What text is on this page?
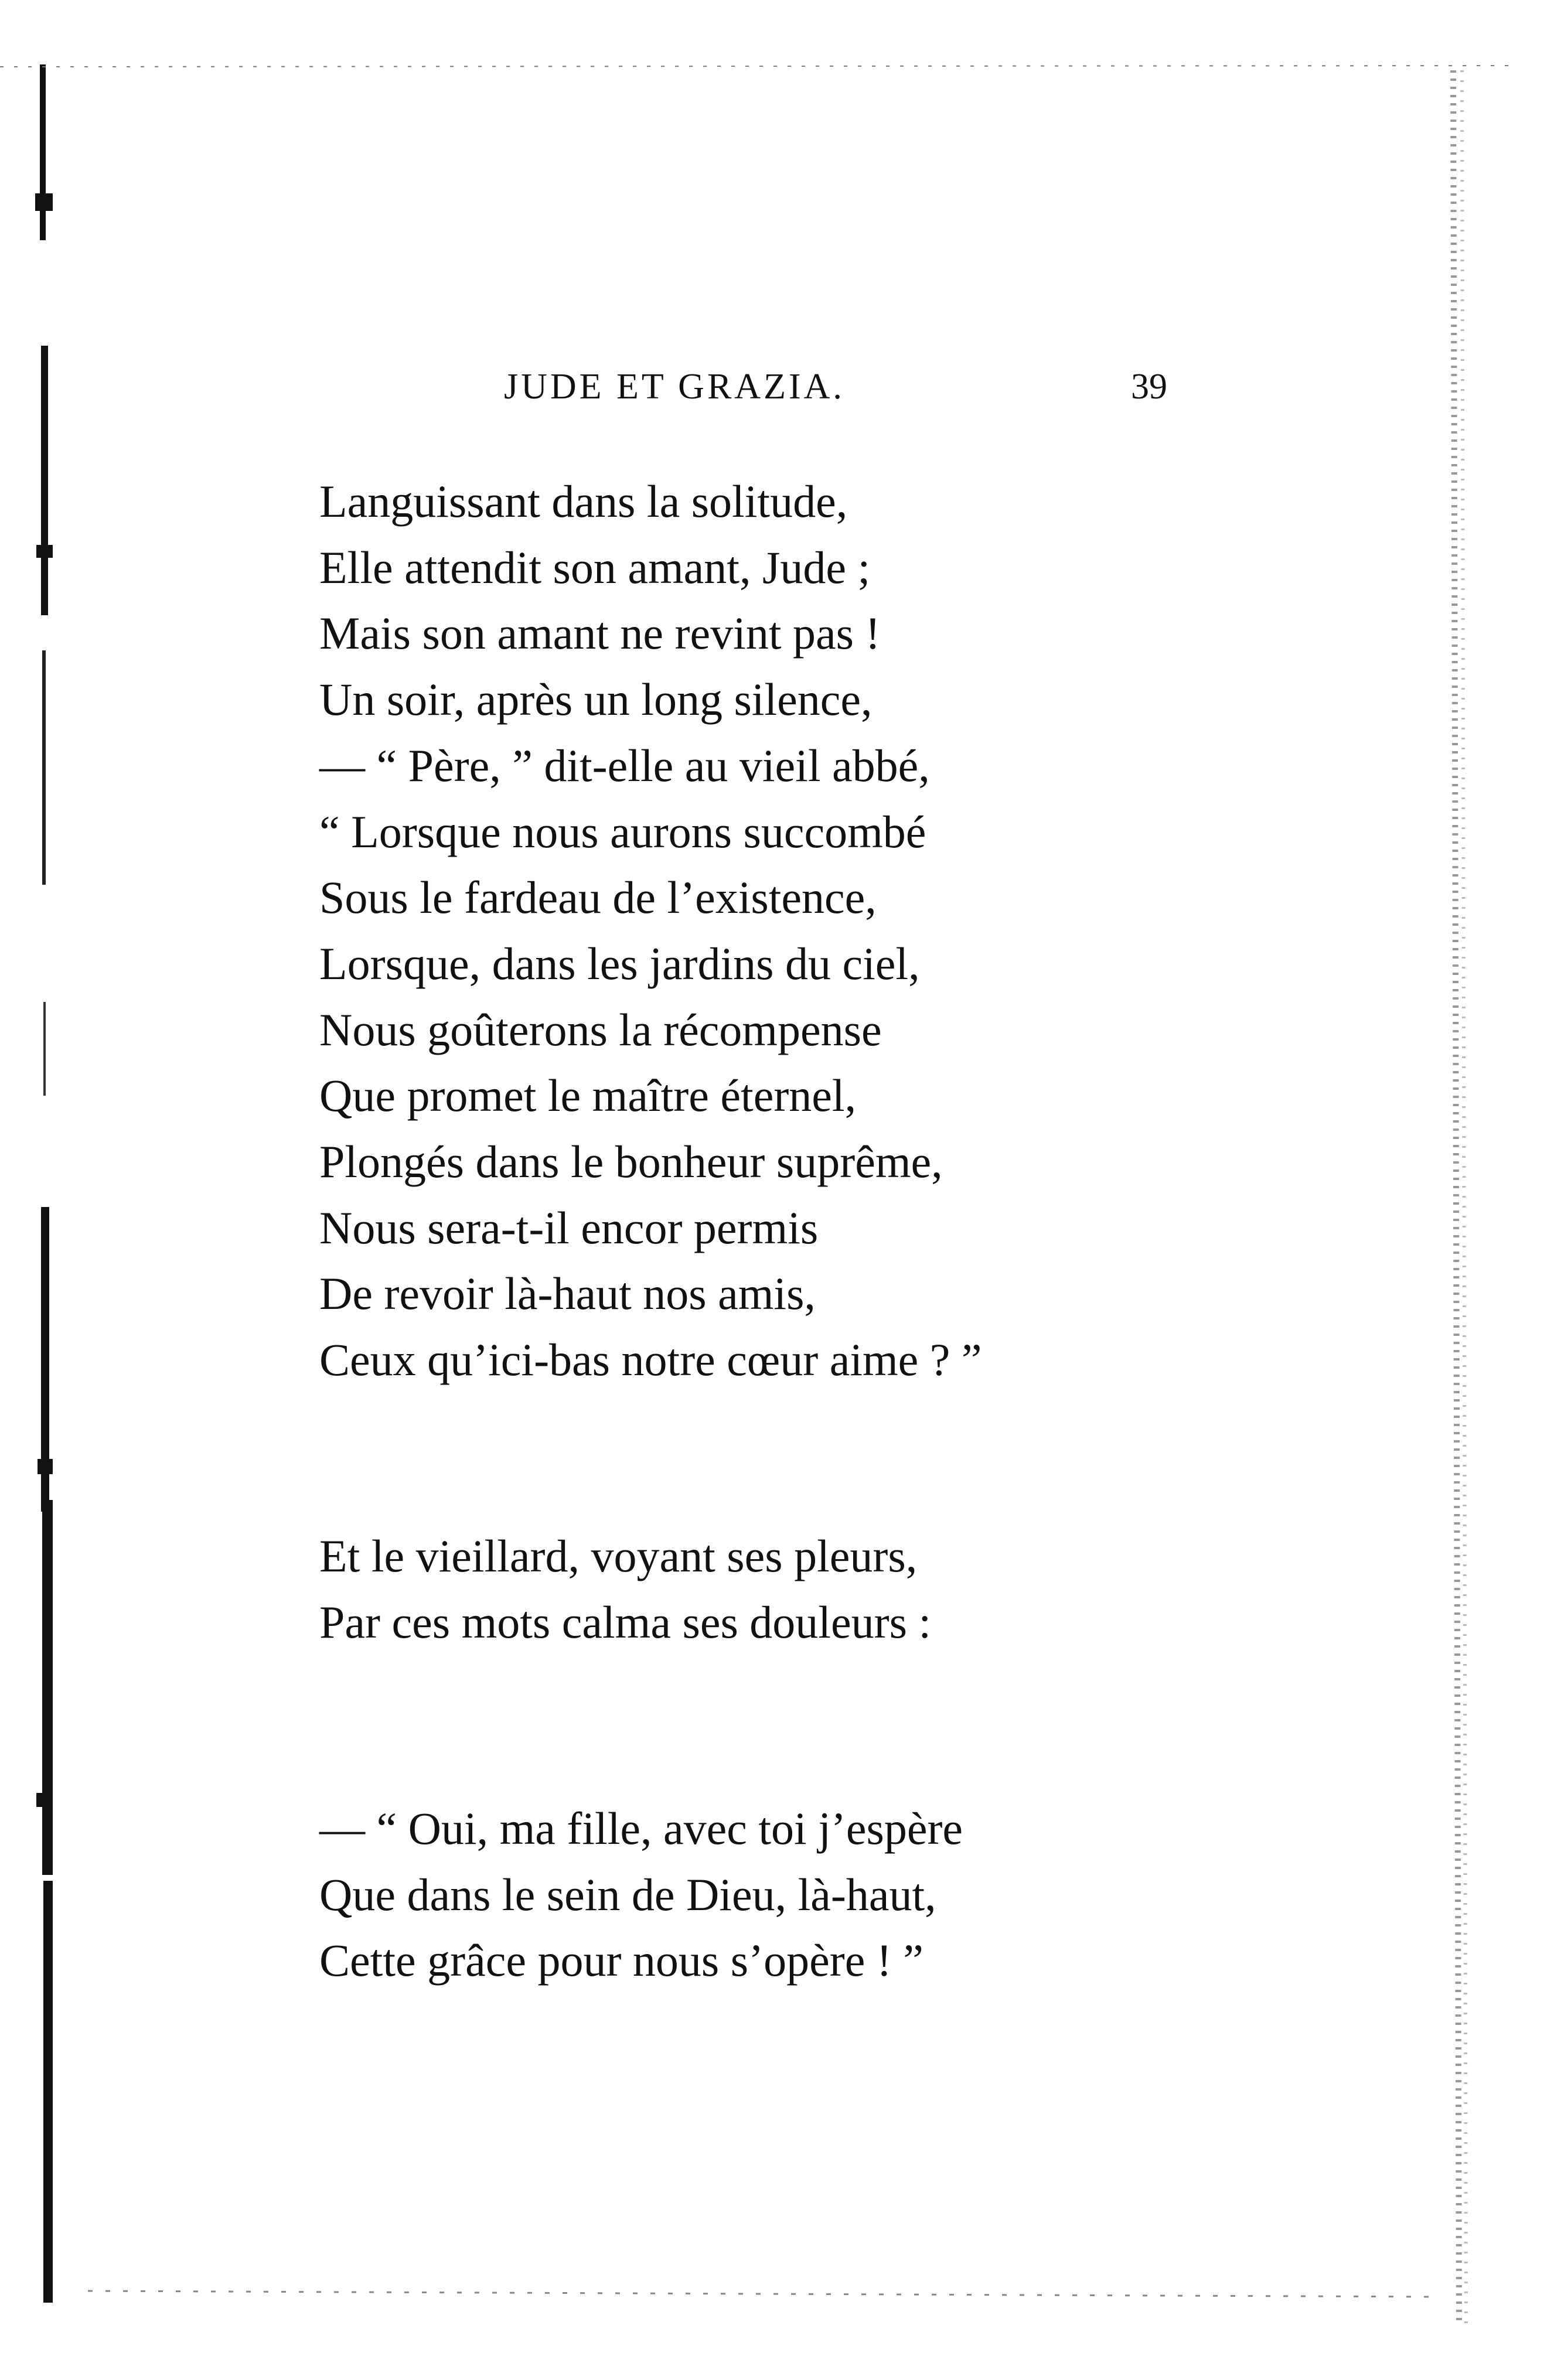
JUDE ET GRAZIA.	39
Languissant dans la solitude,
Elle attendit son amant, Jude ;
Mais son amant ne revint pas !
Un soir, après un long silence,
— “ Père, ” dit-elle au vieil abbé,
“ Lorsque nous aurons succombé
Sous le fardeau de l’existence,
Lorsque, dans les jardins du ciel,
Nous goûterons la récompense
Que promet le maître éternel,
Plongés dans le bonheur suprême,
Nous sera-t-il encor permis
De revoir là-haut nos amis,
Ceux qu’ici-bas notre cœur aime ? ”
Et le vieillard, voyant ses pleurs,
Par ces mots calma ses douleurs :
— “ Oui, ma fille, avec toi j’espère
Que dans le sein de Dieu, là-haut,
Cette grâce pour nous s’opère ! ”
